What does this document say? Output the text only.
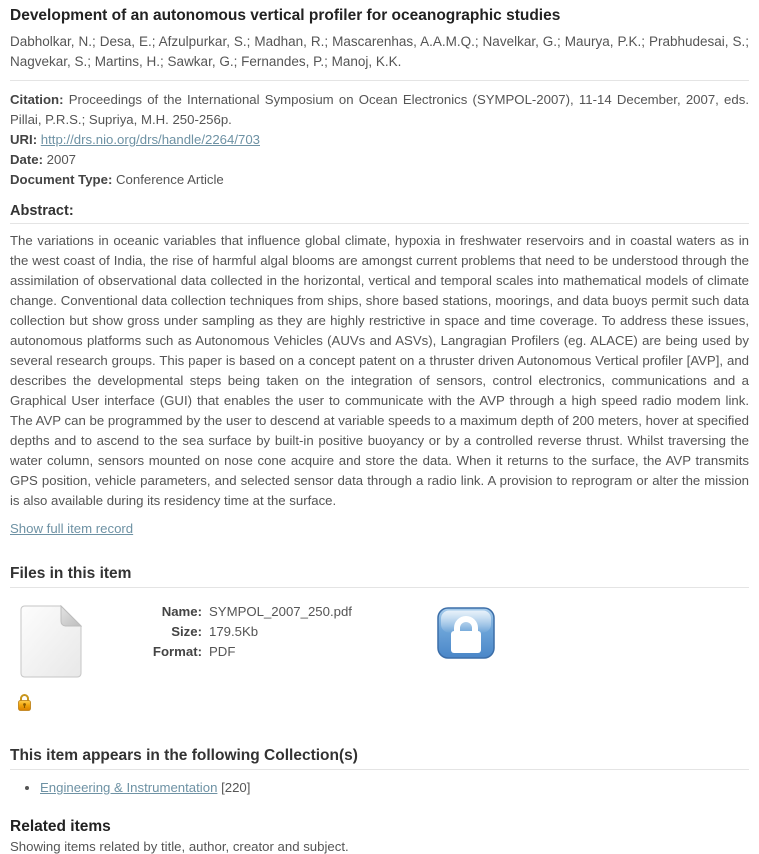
Development of an autonomous vertical profiler for oceanographic studies
Dabholkar, N.; Desa, E.; Afzulpurkar, S.; Madhan, R.; Mascarenhas, A.A.M.Q.; Navelkar, G.; Maurya, P.K.; Prabhudesai, S.; Nagvekar, S.; Martins, H.; Sawkar, G.; Fernandes, P.; Manoj, K.K.
Citation: Proceedings of the International Symposium on Ocean Electronics (SYMPOL-2007), 11-14 December, 2007, eds. Pillai, P.R.S.; Supriya, M.H. 250-256p.
URI: http://drs.nio.org/drs/handle/2264/703
Date: 2007
Document Type: Conference Article
Abstract:
The variations in oceanic variables that influence global climate, hypoxia in freshwater reservoirs and in coastal waters as in the west coast of India, the rise of harmful algal blooms are amongst current problems that need to be understood through the assimilation of observational data collected in the horizontal, vertical and temporal scales into mathematical models of climate change. Conventional data collection techniques from ships, shore based stations, moorings, and data buoys permit such data collection but show gross under sampling as they are highly restrictive in space and time coverage. To address these issues, autonomous platforms such as Autonomous Vehicles (AUVs and ASVs), Langragian Profilers (eg. ALACE) are being used by several research groups. This paper is based on a concept patent on a thruster driven Autonomous Vertical profiler [AVP], and describes the developmental steps being taken on the integration of sensors, control electronics, communications and a Graphical User interface (GUI) that enables the user to communicate with the AVP through a high speed radio modem link. The AVP can be programmed by the user to descend at variable speeds to a maximum depth of 200 meters, hover at specified depths and to ascend to the sea surface by built-in positive buoyancy or by a controlled reverse thrust. Whilst traversing the water column, sensors mounted on nose cone acquire and store the data. When it returns to the surface, the AVP transmits GPS position, vehicle parameters, and selected sensor data through a radio link. A provision to reprogram or alter the mission is also available during its residency time at the surface.
Show full item record
Files in this item
Name: SYMPOL_2007_250.pdf
Size: 179.5Kb
Format: PDF
This item appears in the following Collection(s)
• Engineering & Instrumentation [220]
Related items
Showing items related by title, author, creator and subject.
